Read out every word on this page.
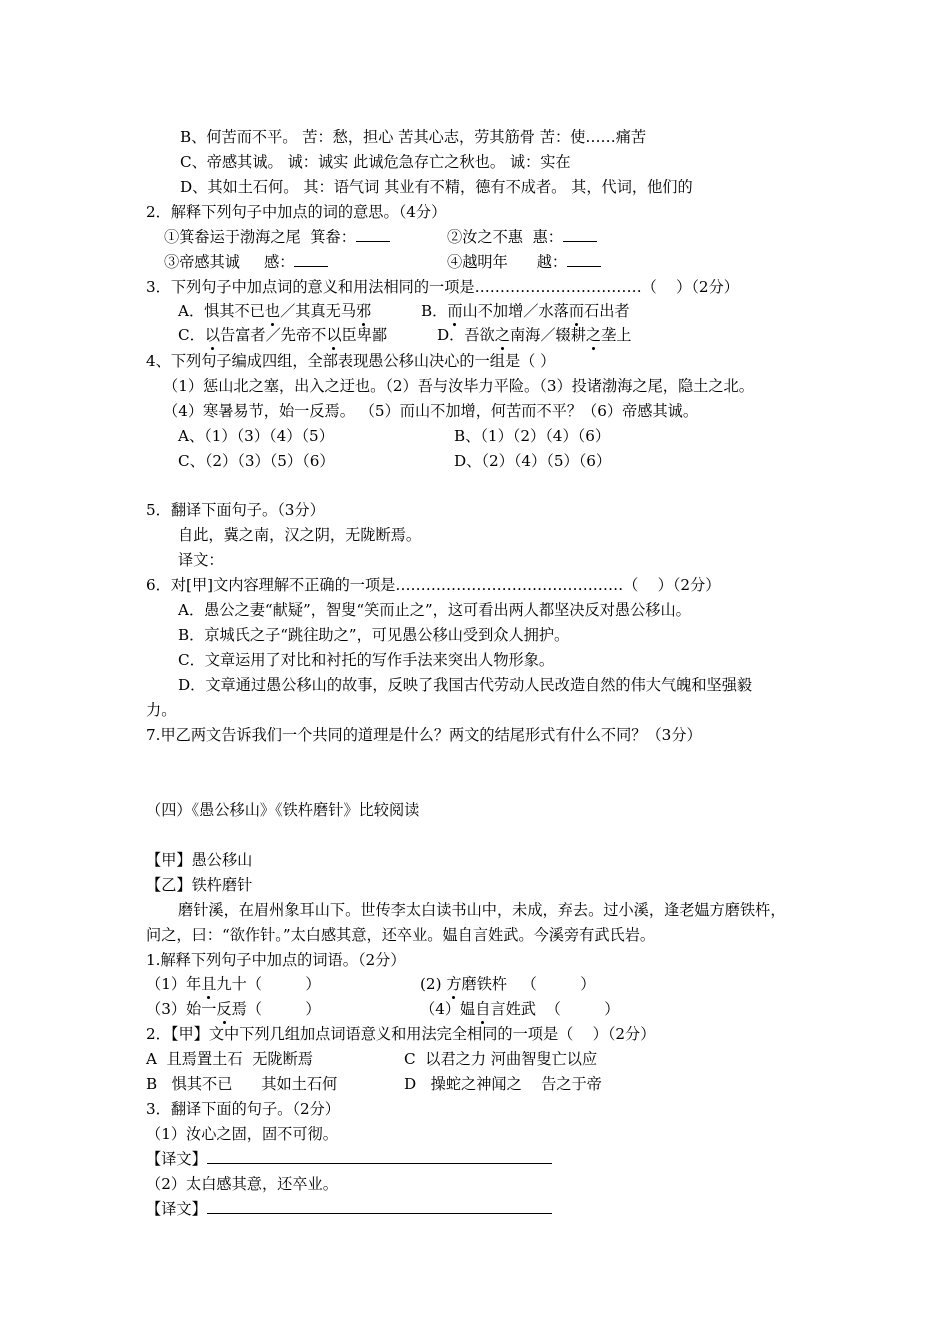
B、何苦而不平。 苦：愁，担心 苦其心志，劳其筋骨 苦：使……痛苦
C、帝感其诚。 诚：诚实 此诚危急存亡之秋也。 诚：实在
D、其如土石何。 其：语气词 其业有不精，德有不成者。 其，代词，他们的
2．解释下列句子中加点的词的意思。（4分）
①箕畚运于渤海之尾  箕畚：	②汝之不惠  惠：
③帝感其诚     感：	④越明年      越：
3．下列句子中加点词的意义和用法相同的一项是……………………………（    ）（2分）
A．惧其不已也／其真无马邪	B．而山不加增／水落而石出者
C．以告富者／先帝不以臣卑鄙	D．吾欲之南海／辍耕之垄上
4、下列句子编成四组，全部表现愚公移山决心的一组是（ ）
（1）惩山北之塞，出入之迂也。（2）吾与汝毕力平险。（3）投诸渤海之尾，隐土之北。
（4）寒暑易节，始一反焉。 （5）而山不加增，何苦而不平？（6）帝感其诚。
A、（1）（3）（4）（5）	B、（1）（2）（4）（6）
C、（2）（3）（5）（6）	D、（2）（4）（5）（6）
5．翻译下面句子。（3分）
自此，冀之南，汉之阴，无陇断焉。
译文：
6．对[甲]文内容理解不正确的一项是………………………………………（    ）（2分）
A．愚公之妻“献疑”，智叟“笑而止之”，这可看出两人都坚决反对愚公移山。
B．京城氏之子“跳往助之”，可见愚公移山受到众人拥护。
C．文章运用了对比和衬托的写作手法来突出人物形象。
D．文章通过愚公移山的故事，反映了我国古代劳动人民改造自然的伟大气魄和坚强毅
力。
7.甲乙两文告诉我们一个共同的道理是什么？两文的结尾形式有什么不同？（3分）
（四）《愚公移山》《铁杵磨针》比较阅读
【甲】愚公移山
【乙】铁杵磨针
磨针溪，在眉州象耳山下。世传李太白读书山中，未成，弃去。过小溪，逢老媪方磨铁杵，
问之，曰：“欲作针。”太白感其意，还卒业。媪自言姓武。今溪旁有武氏岩。
1.解释下列句子中加点的词语。（2分）
（1）年且九十（         ）	(2) 方磨铁杵   （         ）
（3）始一反焉（         ）	（4）媪自言姓武  （         ）
2．【甲】文中下列几组加点词语意义和用法完全相同的一项是（    ）（2分）
A  且焉置土石  无陇断焉	C  以君之力 河曲智叟亡以应
B   惧其不已      其如土石何	D   操蛇之神闻之    告之于帝
3．翻译下面的句子。（2分）
（1）汝心之固，固不可彻。
【译文】
（2）太白感其意，还卒业。
【译文】
